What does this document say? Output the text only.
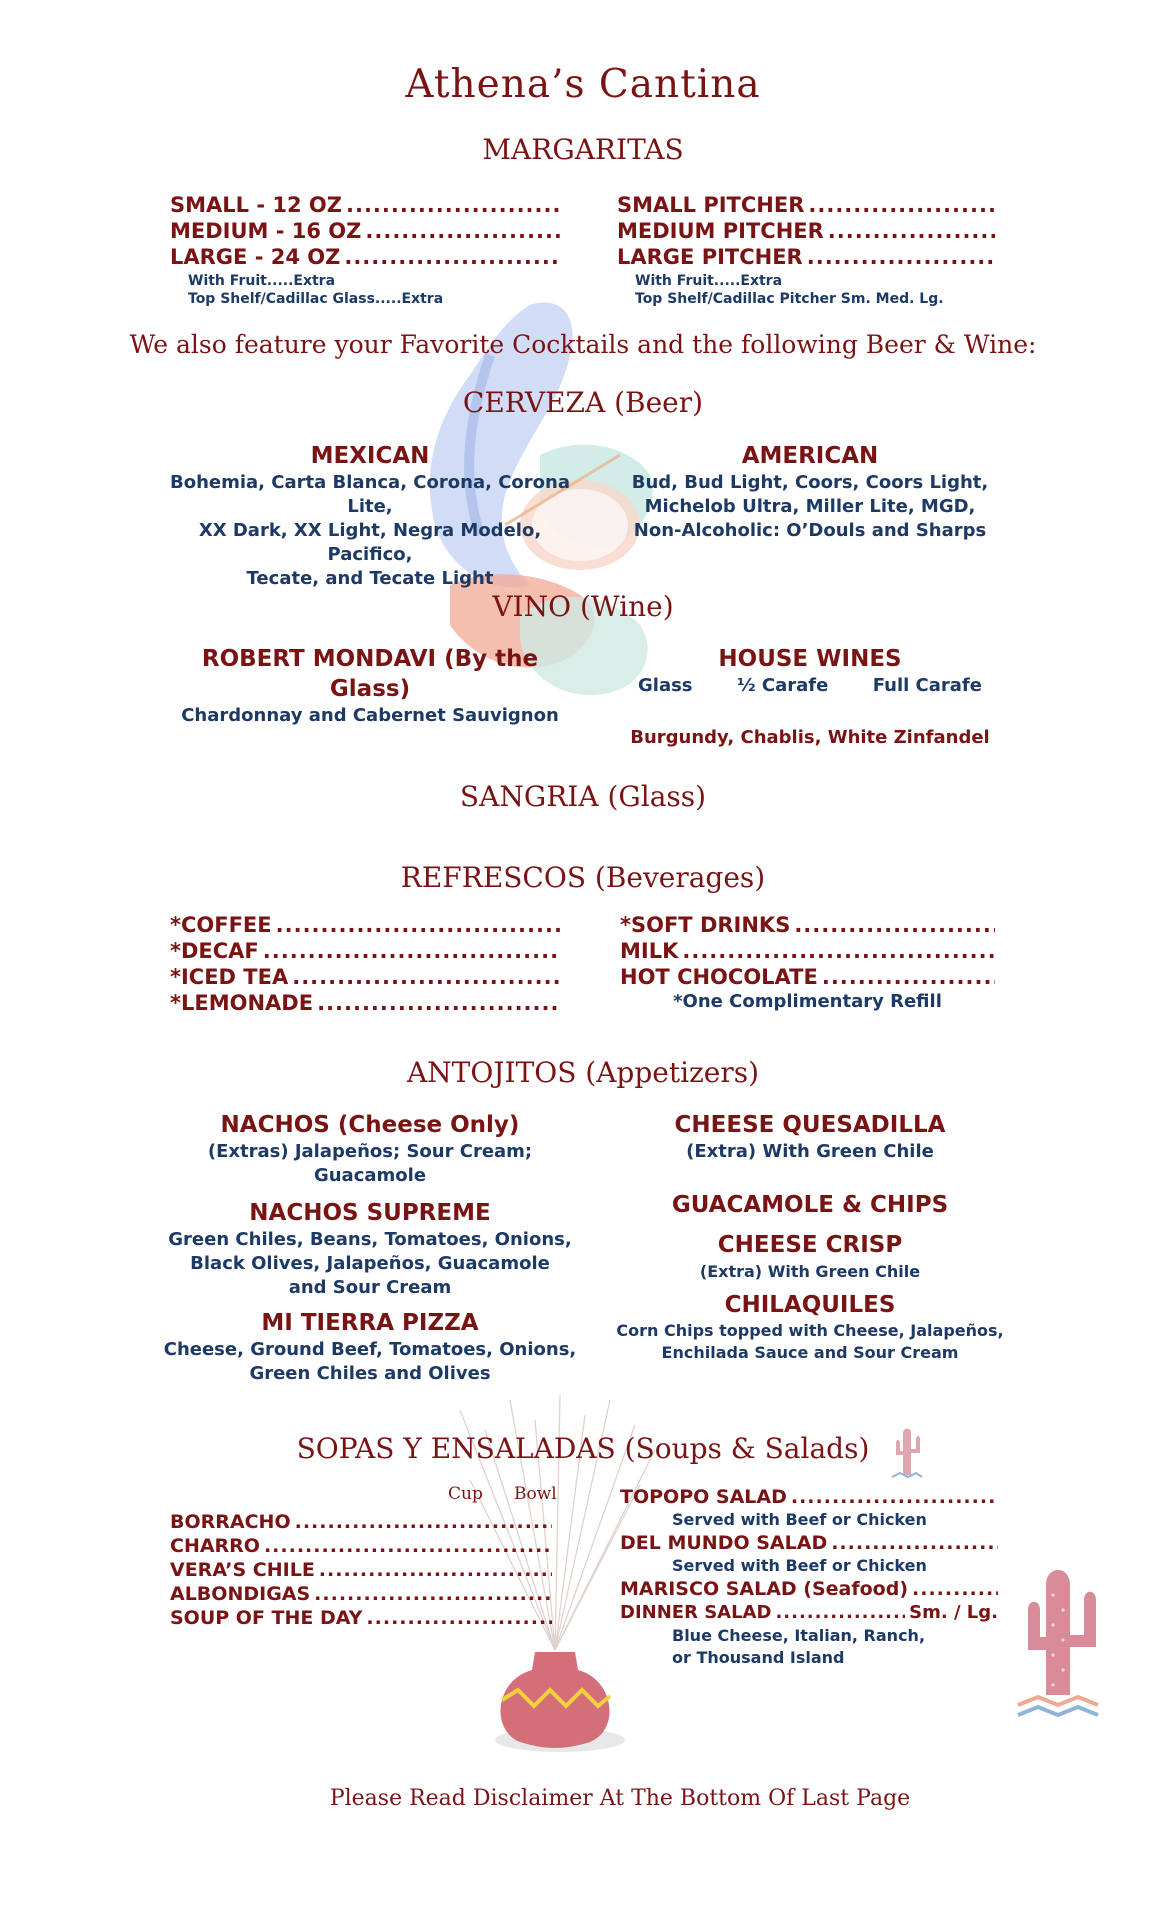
Athena’s Cantina
MARGARITAS
SMALL - 12 OZ
.....
MEDIUM - 16 OZ
.....
LARGE - 24 OZ
.....
With Fruit.....Extra
Top Shelf/Cadillac Glass.....Extra
SMALL PITCHER
.....
MEDIUM PITCHER
.....
LARGE PITCHER
.....
With Fruit.....Extra
Top Shelf/Cadillac Pitcher Sm. Med. Lg.
We also feature your Favorite Cocktails and the following Beer & Wine:
CERVEZA (Beer)
MEXICAN
Bohemia, Carta Blanca, Corona, Corona Lite,
XX Dark, XX Light, Negra Modelo, Pacifico,
Tecate, and Tecate Light
AMERICAN
Bud, Bud Light, Coors, Coors Light,
Michelob Ultra, Miller Lite, MGD,
Non-Alcoholic: O’Douls and Sharps
VINO (Wine)
ROBERT MONDAVI (By the Glass)
Chardonnay and Cabernet Sauvignon
HOUSE WINES
Glass ½ Carafe Full Carafe
Burgundy, Chablis, White Zinfandel
SANGRIA (Glass)
REFRESCOS (Beverages)
*COFFEE
.....
*DECAF
.....
*ICED TEA
.....
*LEMONADE
.....
*SOFT DRINKS
.....
MILK
.....
HOT CHOCOLATE
.....
*One Complimentary Refill
ANTOJITOS (Appetizers)
NACHOS (Cheese Only)
(Extras) Jalapeños; Sour Cream;
Guacamole
NACHOS SUPREME
Green Chiles, Beans, Tomatoes, Onions,
Black Olives, Jalapeños, Guacamole
and Sour Cream
MI TIERRA PIZZA
Cheese, Ground Beef, Tomatoes, Onions,
Green Chiles and Olives
CHEESE QUESADILLA
(Extra) With Green Chile
GUACAMOLE & CHIPS
CHEESE CRISP
(Extra) With Green Chile
CHILAQUILES
Corn Chips topped with Cheese, Jalapeños,
Enchilada Sauce and Sour Cream
SOPAS Y ENSALADAS (Soups & Salads)
Cup Bowl
BORRACHO
.....
CHARRO
.....
VERA’S CHILE
.....
ALBONDIGAS
.....
SOUP OF THE DAY
.....
TOPOPO SALAD
.....
Served with Beef or Chicken
DEL MUNDO SALAD
.....
Served with Beef or Chicken
MARISCO SALAD (Seafood)
.....
DINNER SALAD
.....	Sm. / Lg.
Blue Cheese, Italian, Ranch,
or Thousand Island
Please Read Disclaimer At The Bottom Of Last Page
